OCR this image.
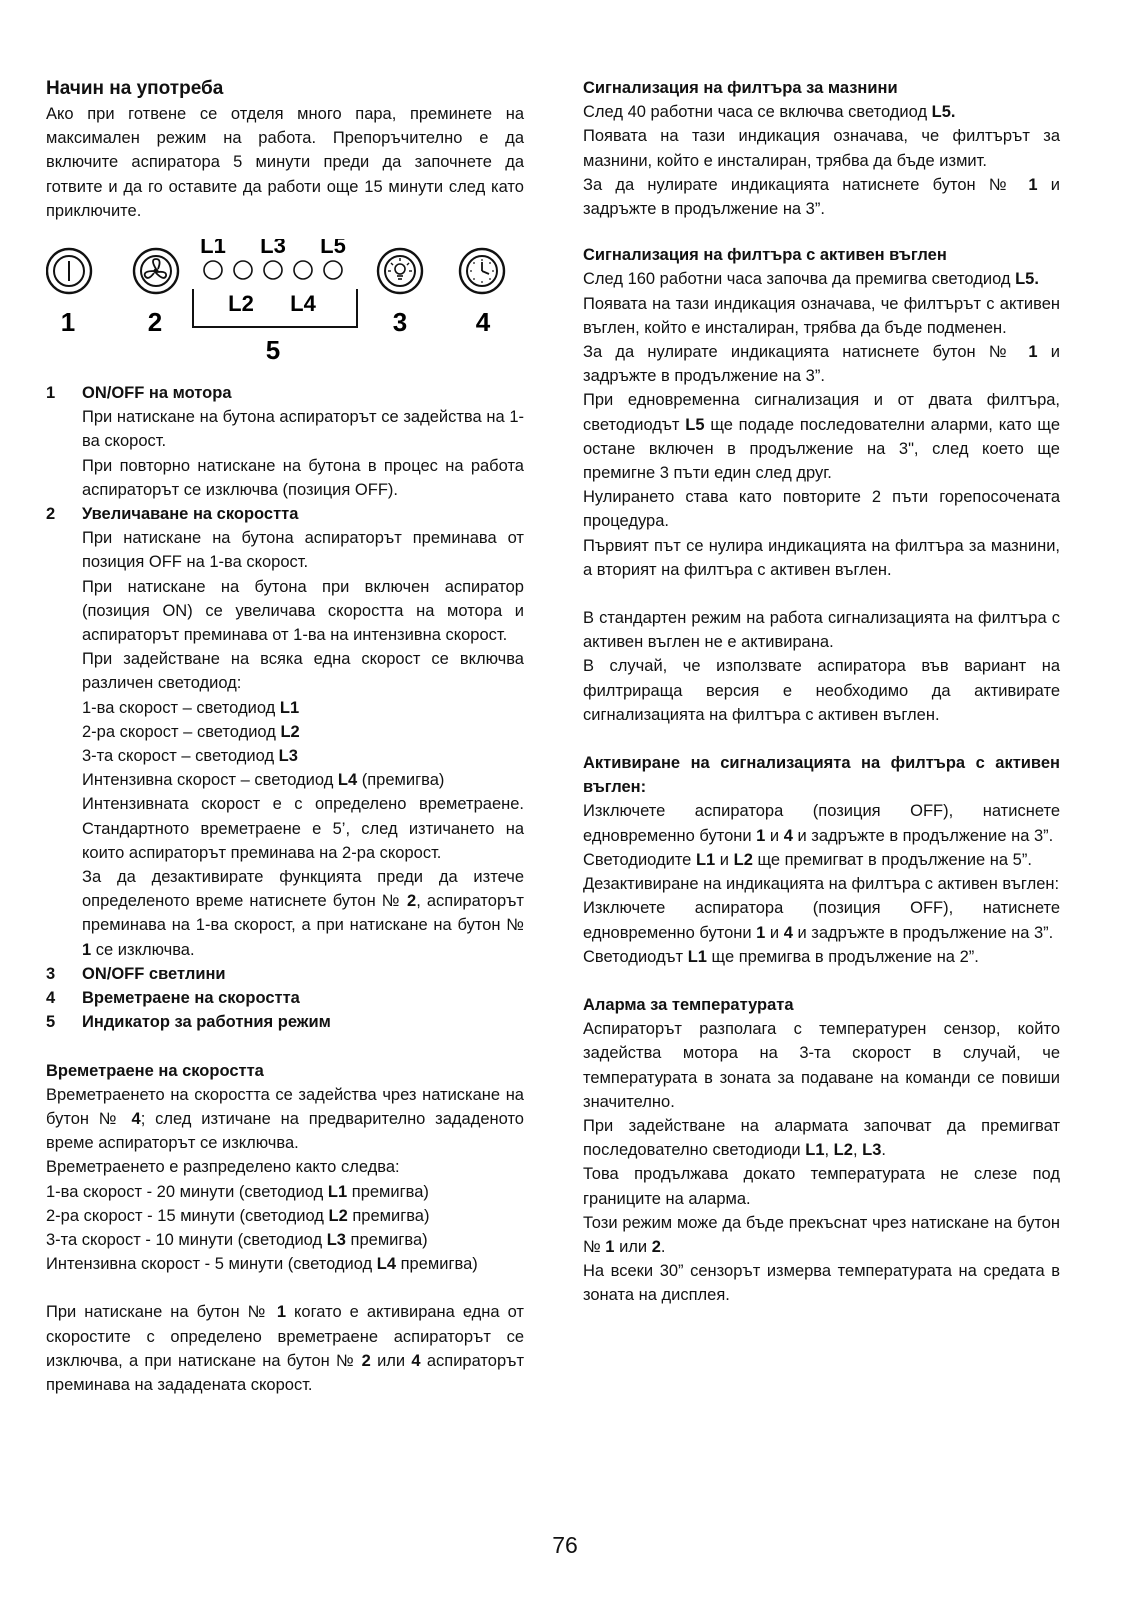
Начин на употреба

Ако при готвене се отделя много пара, преминете на максимален режим на работа. Препоръчително е да включите аспиратора 5 минути преди да започнете да готвите и да го оставите да работи още 15 минути след като приключите.

L1 L3 L5
L2 L4
1	2	3	4
5
1	ON/OFF на мотора

При натискане на бутона аспираторът се задейства на 1-ва скорост.

При повторно натискане на бутона в процес на работа аспираторът се изключва (позиция OFF).

2	Увеличаване на скоростта

При натискане на бутона аспираторът преминава от позиция OFF на 1-ва скорост.

При натискане на бутона при включен аспиратор (позиция ON) се увеличава скоростта на мотора и аспираторът преминава от 1-ва на интензивна скорост.

При задействане на всяка една скорост се включва различен светодиод:

1-ва скорост – светодиод L1

2-ра скорост – светодиод L2

3-та скорост – светодиод L3

Интензивна скорост – светодиод L4 (премигва)

Интензивната скорост е с определено времетраене. Стандартното времетраене е 5’, след изтичането на които аспираторът преминава на 2-ра скорост.

За да дезактивирате функцията преди да изтече определеното време натиснете бутон № 2, аспираторът преминава на 1-ва скорост, а при натискане на бутон № 1 се изключва.

3	ON/OFF светлини
4	Времетраене на скоростта
5	Индикатор за работния режим

Времетраене на скоростта

Времетраенето на скоростта се задейства чрез натискане на бутон № 4; след изтичане на предварително зададеното време аспираторът се изключва.

Времетраенето е разпределено както следва:

1-ва скорост - 20 минути (светодиод L1 премигва)

2-ра скорост - 15 минути (светодиод L2 премигва)

3-та скорост - 10 минути (светодиод L3 премигва)

Интензивна скорост - 5 минути (светодиод L4 премигва)

При натискане на бутон № 1 когато е активирана една от скоростите с определено времетраене аспираторът се изключва, а при натискане на бутон № 2 или 4 аспираторът преминава на зададената скорост.

Сигнализация на филтъра за мазнини

След 40 работни часа се включва светодиод L5.

Появата на тази индикация означава, че филтърът за мазнини, който е инсталиран, трябва да бъде измит.

За да нулирате индикацията натиснете бутон № 1 и задръжте в продължение на 3”.

Сигнализация на филтъра с активен въглен

След 160 работни часа започва да премигва светодиод L5.

Появата на тази индикация означава, че филтърът с активен въглен, който е инсталиран, трябва да бъде подменен.

За да нулирате индикацията натиснете бутон № 1 и задръжте в продължение на 3”.

При едновременна сигнализация и от двата филтъра, светодиодът L5 ще подаде последователни аларми, като ще остане включен в продължение на 3", след което ще премигне 3 пъти един след друг.

Нулирането става като повторите 2 пъти горепосочената процедура.

Първият път се нулира индикацията на филтъра за мазнини, а вторият на филтъра с активен въглен.

В стандартен режим на работа сигнализацията на филтъра с активен въглен не е активирана.

В случай, че използвате аспиратора във вариант на филтрираща версия е необходимо да активирате сигнализацията на филтъра с активен въглен.

Активиране на сигнализацията на филтъра с активен въглен:

Изключете аспиратора (позиция OFF), натиснете едновременно бутони 1 и 4 и задръжте в продължение на 3”.

Светодиодите L1 и L2 ще премигват в продължение на 5”.

Дезактивиране на индикацията на филтъра с активен въглен:

Изключете аспиратора (позиция OFF), натиснете едновременно бутони 1 и 4 и задръжте в продължение на 3”.

Светодиодът L1 ще премигва в продължение на 2”.

Аларма за температурата

Аспираторът разполага с температурен сензор, който задейства мотора на 3-та скорост в случай, че температурата в зоната за подаване на команди се повиши значително.

При задействане на алармата започват да премигват последователно светодиоди L1, L2, L3.

Това продължава докато температурата не слезе под границите на аларма.

Този режим може да бъде прекъснат чрез натискане на бутон № 1 или 2.

На всеки 30” сензорът измерва температурата на средата в зоната на дисплея.

76
